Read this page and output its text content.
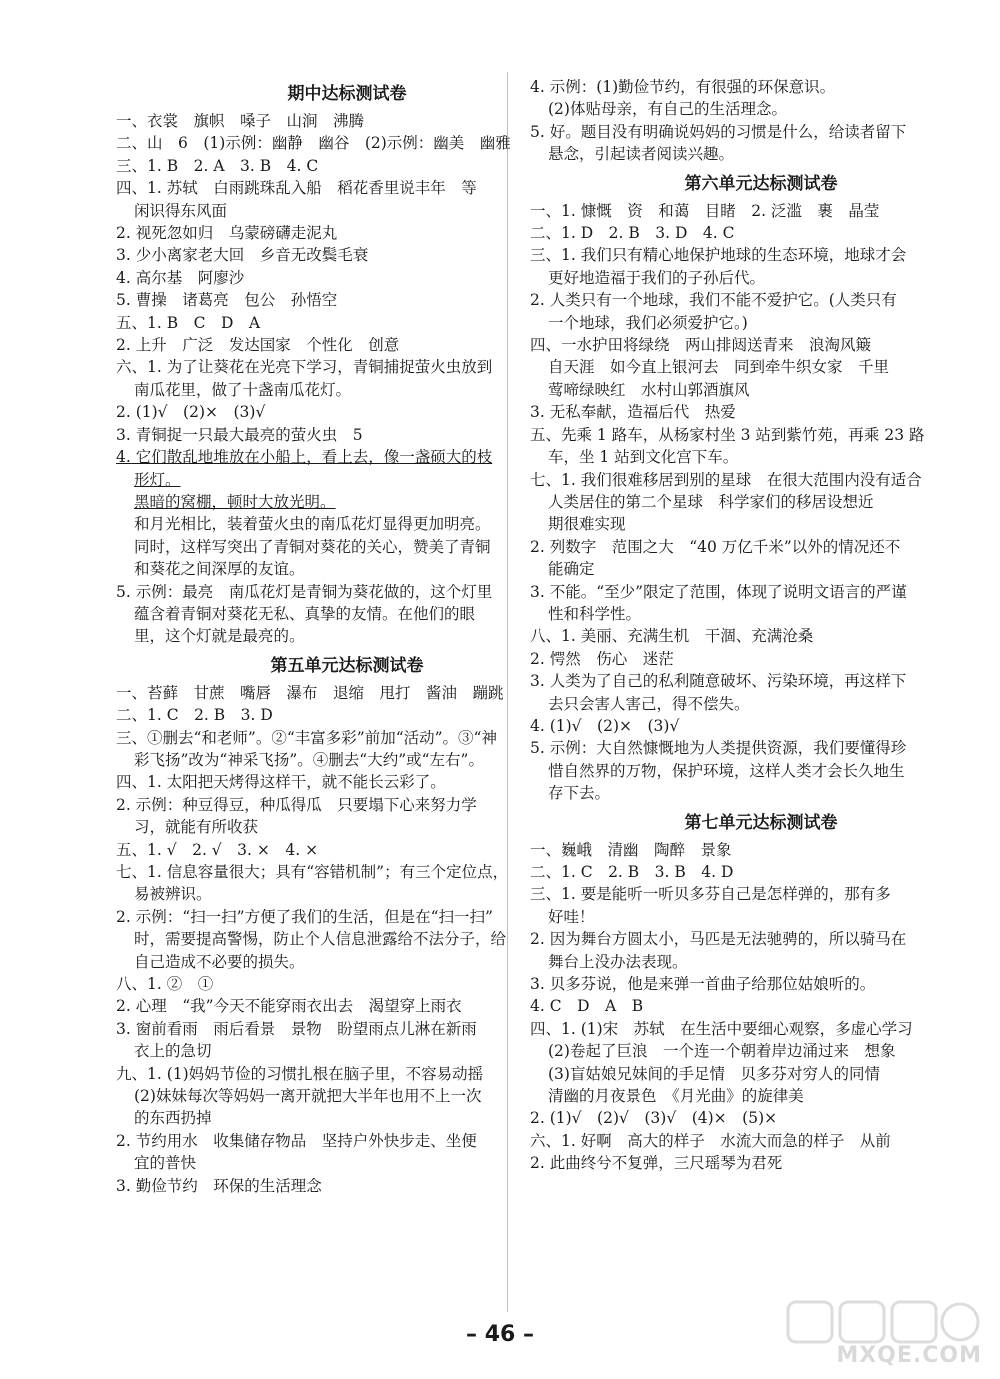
期中达标测试卷
一、衣裳　旗帜　嗓子　山涧　沸腾
二、山　6　(1)示例：幽静　幽谷　(2)示例：幽美　幽雅
三、1. B　2. A　3. B　4. C
四、1. 苏轼　白雨跳珠乱入船　稻花香里说丰年　等
闲识得东风面
2. 视死忽如归　乌蒙磅礴走泥丸
3. 少小离家老大回　乡音无改鬓毛衰
4. 高尔基　阿廖沙
5. 曹操　诸葛亮　包公　孙悟空
五、1. B　C　D　A
2. 上升　广泛　发达国家　个性化　创意
六、1. 为了让葵花在光亮下学习，青铜捕捉萤火虫放到
南瓜花里，做了十盏南瓜花灯。
2. (1)√　(2)×　(3)√
3. 青铜捉一只最大最亮的萤火虫　5
4. 它们散乱地堆放在小船上，看上去，像一盏硕大的枝
形灯。
黑暗的窝棚，顿时大放光明。
和月光相比，装着萤火虫的南瓜花灯显得更加明亮。
同时，这样写突出了青铜对葵花的关心，赞美了青铜
和葵花之间深厚的友谊。
5. 示例：最亮　南瓜花灯是青铜为葵花做的，这个灯里
蕴含着青铜对葵花无私、真挚的友情。在他们的眼
里，这个灯就是最亮的。
第五单元达标测试卷
一、苔藓　甘蔗　嘴唇　瀑布　退缩　甩打　酱油　蹦跳
二、1. C　2. B　3. D
三、①删去“和老师”。②“丰富多彩”前加“活动”。③“神
彩飞扬”改为“神采飞扬”。④删去“大约”或“左右”。
四、1. 太阳把天烤得这样干，就不能长云彩了。
2. 示例：种豆得豆，种瓜得瓜　只要塌下心来努力学
习，就能有所收获
五、1. √　2. √　3. ×　4. ×
七、1. 信息容量很大；具有“容错机制”；有三个定位点，
易被辨识。
2. 示例：“扫一扫”方便了我们的生活，但是在“扫一扫”
时，需要提高警惕，防止个人信息泄露给不法分子，给
自己造成不必要的损失。
八、1. ②　①
2. 心理　“我”今天不能穿雨衣出去　渴望穿上雨衣
3. 窗前看雨　雨后看景　景物　盼望雨点儿淋在新雨
衣上的急切
九、1. (1)妈妈节俭的习惯扎根在脑子里，不容易动摇
(2)妹妹每次等妈妈一离开就把大半年也用不上一次
的东西扔掉
2. 节约用水　收集储存物品　坚持户外快步走、坐便
宜的普快
3. 勤俭节约　环保的生活理念
4. 示例：(1)勤俭节约，有很强的环保意识。
(2)体贴母亲，有自己的生活理念。
5. 好。题目没有明确说妈妈的习惯是什么，给读者留下
悬念，引起读者阅读兴趣。
第六单元达标测试卷
一、1. 慷慨　资　和蔼　目睹　2. 泛滥　裹　晶莹
二、1. D　2. B　3. D　4. C
三、1. 我们只有精心地保护地球的生态环境，地球才会
更好地造福于我们的子孙后代。
2. 人类只有一个地球，我们不能不爱护它。(人类只有
一个地球，我们必须爱护它。)
四、一水护田将绿绕　两山排闼送青来　浪淘风簸
自天涯　如今直上银河去　同到牵牛织女家　千里
莺啼绿映红　水村山郭酒旗风
3. 无私奉献，造福后代　热爱
五、先乘 1 路车，从杨家村坐 3 站到紫竹苑，再乘 23 路
车，坐 1 站到文化宫下车。
七、1. 我们很难移居到别的星球　在很大范围内没有适合
人类居住的第二个星球　科学家们的移居设想近
期很难实现
2. 列数字　范围之大　“40 万亿千米”以外的情况还不
能确定
3. 不能。“至少”限定了范围，体现了说明文语言的严谨
性和科学性。
八、1. 美丽、充满生机　干涸、充满沧桑
2. 愕然　伤心　迷茫
3. 人类为了自己的私利随意破坏、污染环境，再这样下
去只会害人害己，得不偿失。
4. (1)√　(2)×　(3)√
5. 示例：大自然慷慨地为人类提供资源，我们要懂得珍
惜自然界的万物，保护环境，这样人类才会长久地生
存下去。
第七单元达标测试卷
一、巍峨　清幽　陶醉　景象
二、1. C　2. B　3. B　4. D
三、1. 要是能听一听贝多芬自己是怎样弹的，那有多
好哇！
2. 因为舞台方圆太小，马匹是无法驰骋的，所以骑马在
舞台上没办法表现。
3. 贝多芬说，他是来弹一首曲子给那位姑娘听的。
4. C　D　A　B
四、1. (1)宋　苏轼　在生活中要细心观察，多虚心学习
(2)卷起了巨浪　一个连一个朝着岸边涌过来　想象
(3)盲姑娘兄妹间的手足情　贝多芬对穷人的同情
清幽的月夜景色　《月光曲》的旋律美
2. (1)√　(2)√　(3)√　(4)×　(5)×
六、1. 好啊　高大的样子　水流大而急的样子　从前
2. 此曲终兮不复弹，三尺瑶琴为君死
– 46 –
MXQE.COM
